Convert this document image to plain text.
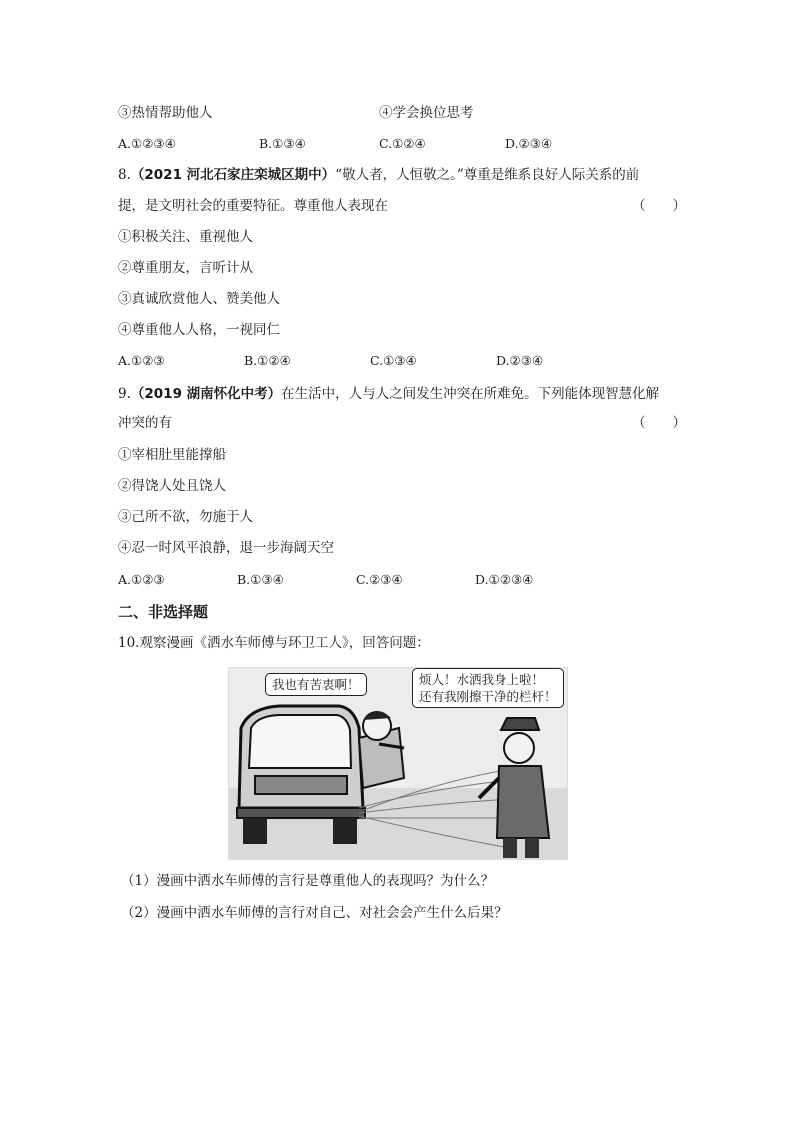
③热情帮助他人	④学会换位思考
A.①②③④	B.①③④	C.①②④	D.②③④
8.（2021 河北石家庄栾城区期中）“敬人者，人恒敬之。”尊重是维系良好人际关系的前
提，是文明社会的重要特征。尊重他人表现在	（　　）
①积极关注、重视他人
②尊重朋友，言听计从
③真诚欣赏他人、赞美他人
④尊重他人人格，一视同仁
A.①②③	B.①②④	C.①③④	D.②③④
9.（2019 湖南怀化中考）在生活中，人与人之间发生冲突在所难免。下列能体现智慧化解
冲突的有	（　　）
①宰相肚里能撑船
②得饶人处且饶人
③己所不欲，勿施于人
④忍一时风平浪静，退一步海阔天空
A.①②③	B.①③④	C.②③④	D.①②③④
二、非选择题
10.观察漫画《洒水车师傅与环卫工人》，回答问题：
我也有苦衷啊！	烦人！水洒我身上啦！
还有我刚擦干净的栏杆！
（1）漫画中洒水车师傅的言行是尊重他人的表现吗？为什么？
（2）漫画中洒水车师傅的言行对自己、对社会会产生什么后果？
